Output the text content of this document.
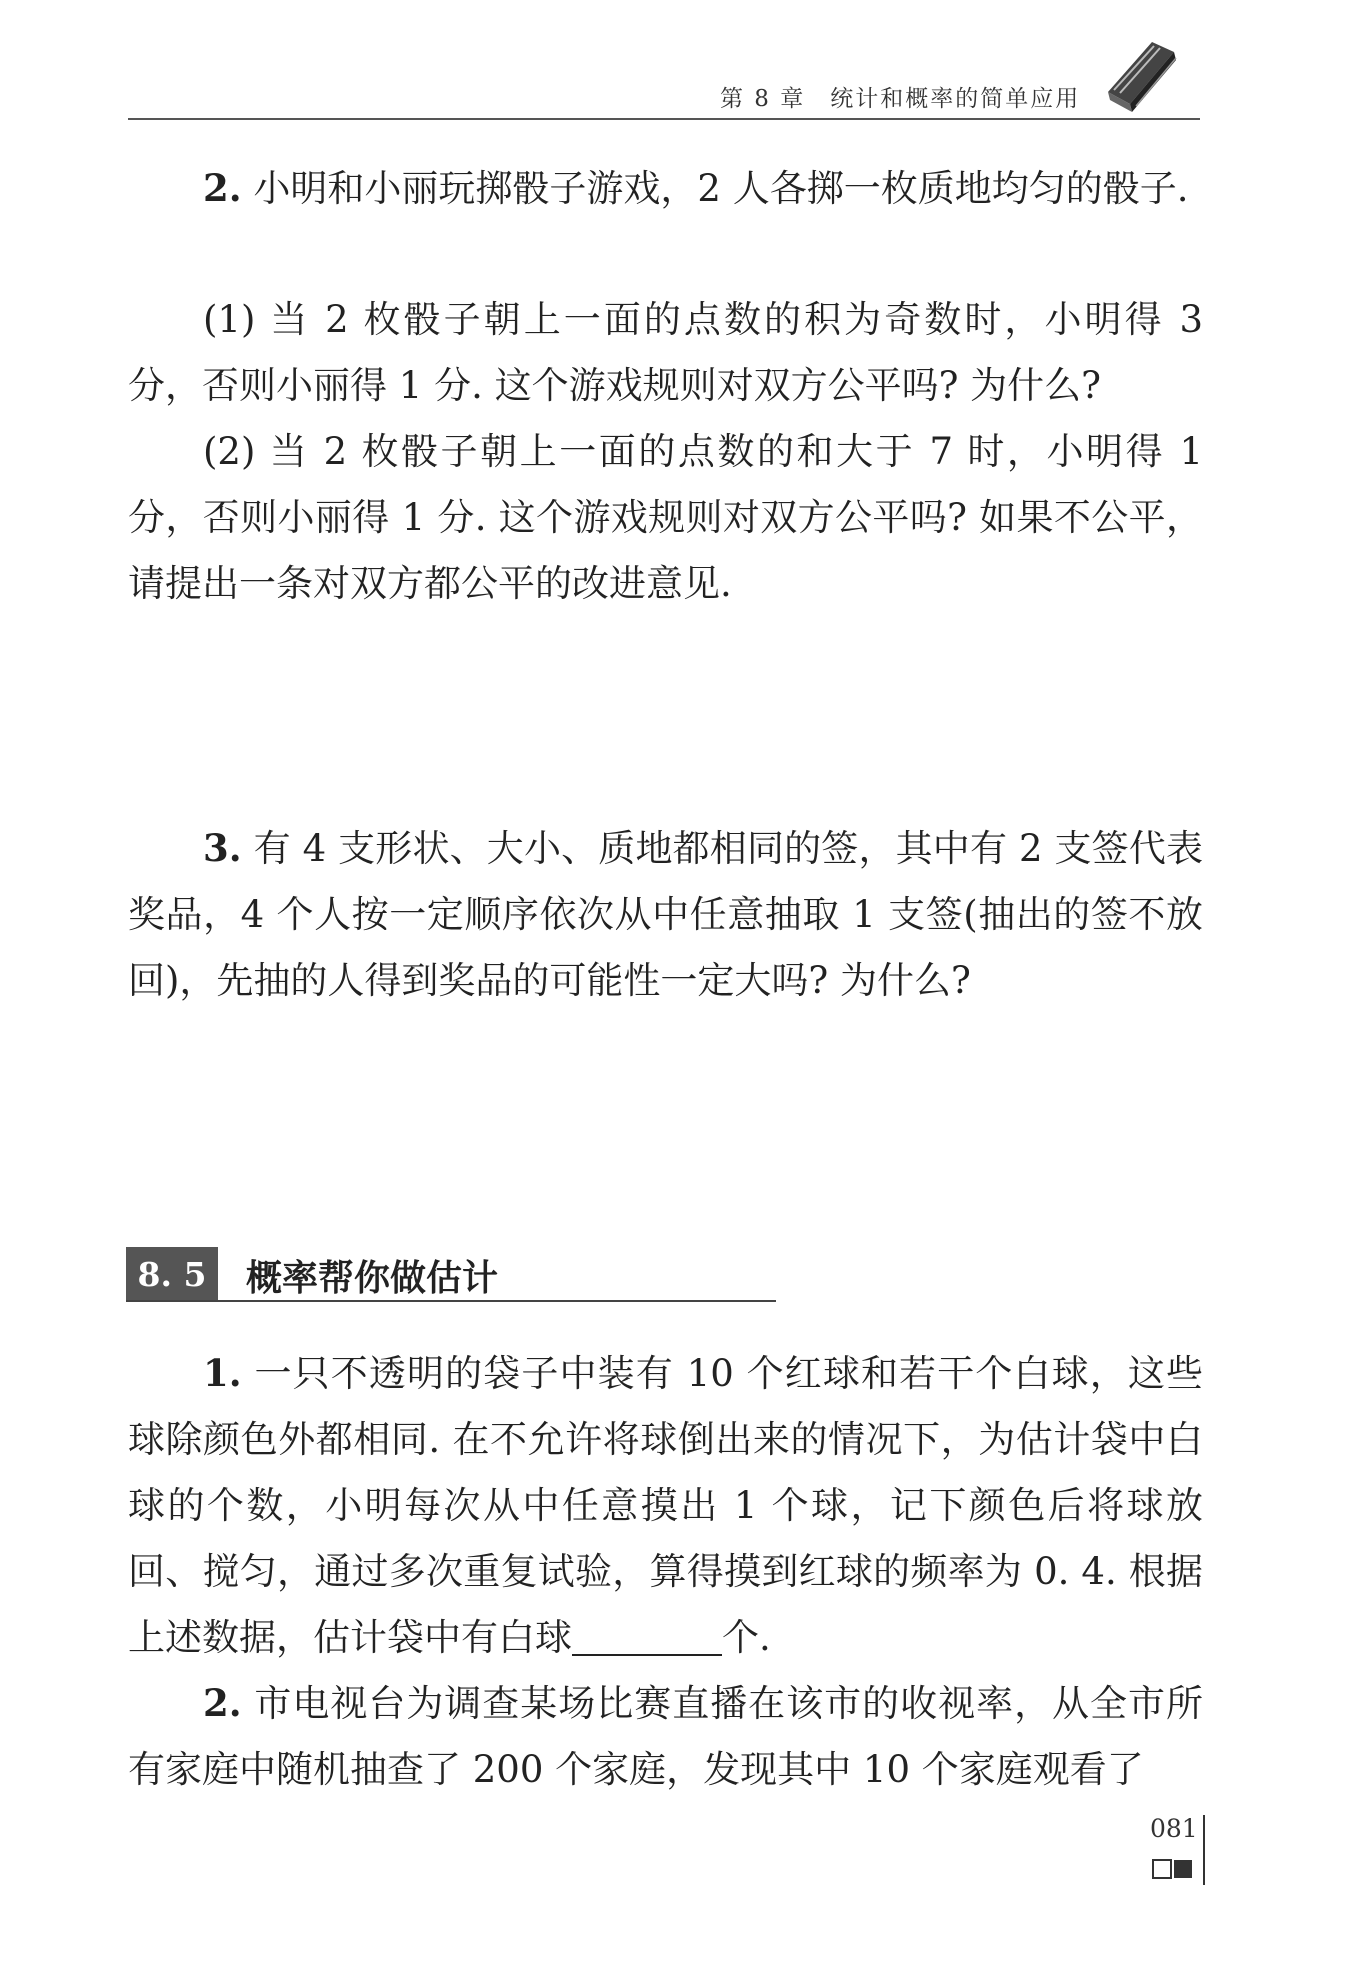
第 8 章　统计和概率的简单应用

2. 小明和小丽玩掷骰子游戏，2 人各掷一枚质地均匀的骰子.

(1) 当 2 枚骰子朝上一面的点数的积为奇数时，小明得 3 分，否则小丽得 1 分. 这个游戏规则对双方公平吗? 为什么?

(2) 当 2 枚骰子朝上一面的点数的和大于 7 时，小明得 1 分，否则小丽得 1 分. 这个游戏规则对双方公平吗? 如果不公平，请提出一条对双方都公平的改进意见.

3. 有 4 支形状、大小、质地都相同的签，其中有 2 支签代表奖品，4 个人按一定顺序依次从中任意抽取 1 支签(抽出的签不放回)，先抽的人得到奖品的可能性一定大吗? 为什么?

8. 5	概率帮你做估计

1. 一只不透明的袋子中装有 10 个红球和若干个白球，这些球除颜色外都相同. 在不允许将球倒出来的情况下，为估计袋中白球的个数，小明每次从中任意摸出 1 个球，记下颜色后将球放回、搅匀，通过多次重复试验，算得摸到红球的频率为 0. 4. 根据上述数据，估计袋中有白球	个.

2. 市电视台为调查某场比赛直播在该市的收视率，从全市所有家庭中随机抽查了 200 个家庭，发现其中 10 个家庭观看了

081
